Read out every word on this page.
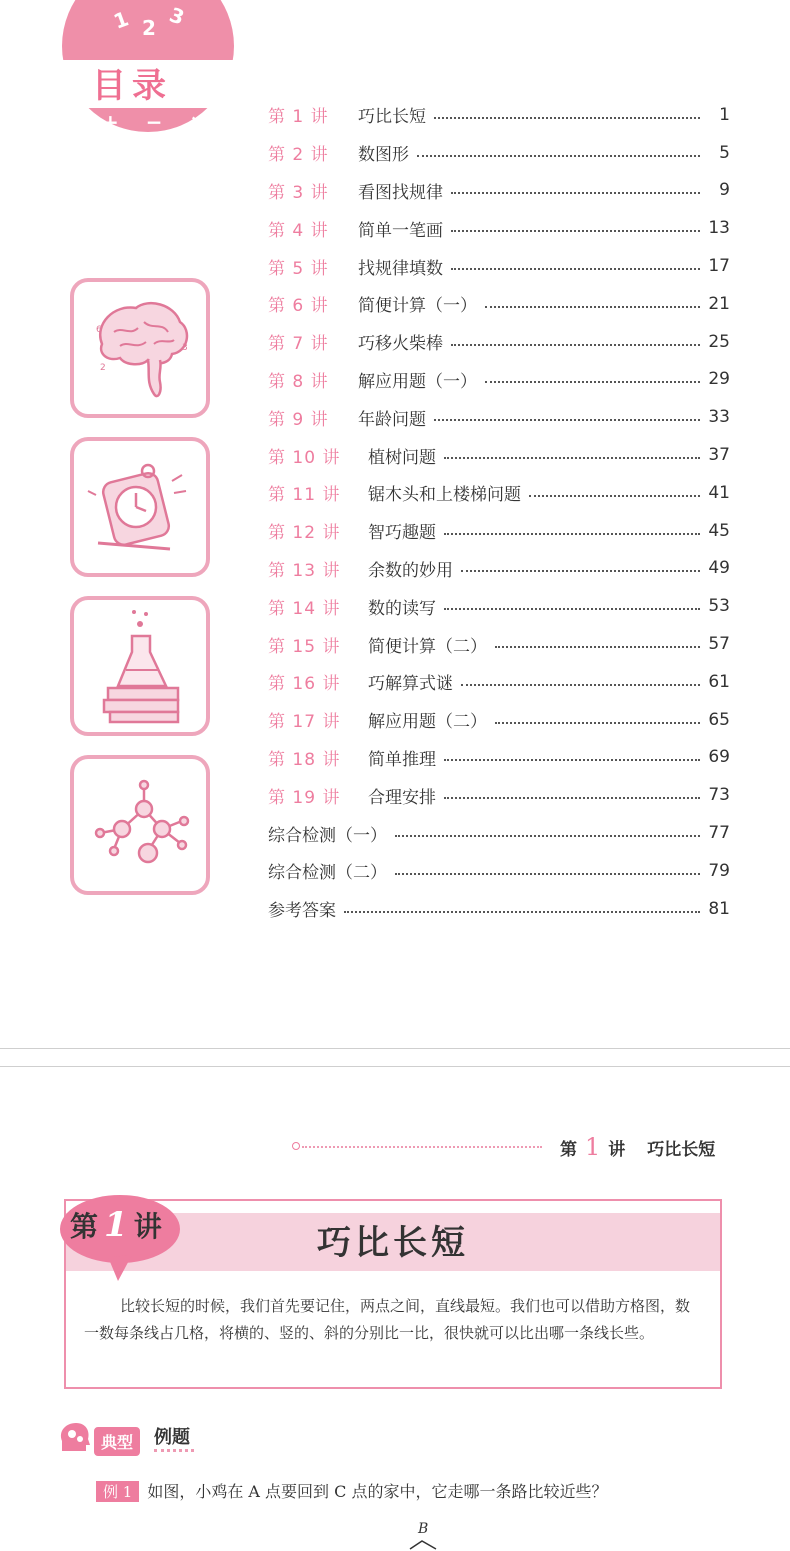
1 2 3
+ − × ÷
目录
6
3
2
第 1 讲	巧比长短	1
第 2 讲	数图形	5
第 3 讲	看图找规律	9
第 4 讲	简单一笔画	13
第 5 讲	找规律填数	17
第 6 讲	简便计算（一）	21
第 7 讲	巧移火柴棒	25
第 8 讲	解应用题（一）	29
第 9 讲	年龄问题	33
第 10 讲	植树问题	37
第 11 讲	锯木头和上楼梯问题	41
第 12 讲	智巧趣题	45
第 13 讲	余数的妙用	49
第 14 讲	数的读写	53
第 15 讲	简便计算（二）	57
第 16 讲	巧解算式谜	61
第 17 讲	解应用题（二）	65
第 18 讲	简单推理	69
第 19 讲	合理安排	73
综合检测（一）	77
综合检测（二）	79
参考答案	81
第 1 讲 巧比长短
巧比长短
比较长短的时候，我们首先要记住，两点之间，直线最短。我们也可以借助方格图，数一数每条线占几格，将横的、竖的、斜的分别比一比，很快就可以比出哪一条线长些。
第 1 讲
典型	例题
例 1 如图，小鸡在 A 点要回到 C 点的家中，它走哪一条路比较近些？
B
